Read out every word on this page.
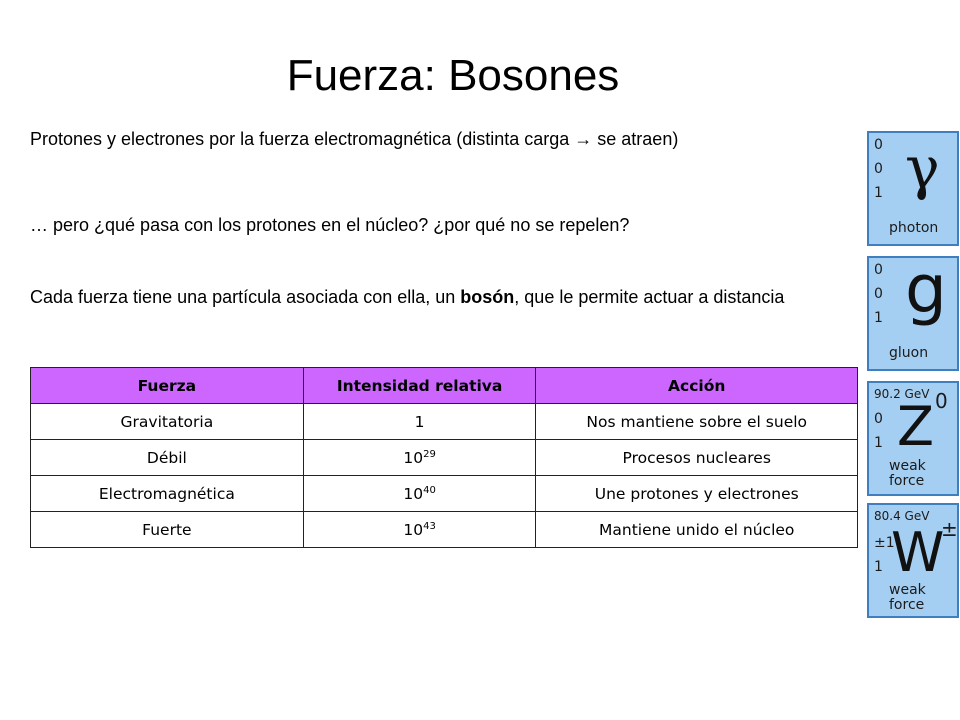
Fuerza: Bosones
Protones y electrones por la fuerza electromagnética (distinta carga → se atraen)
… pero ¿qué pasa con los protones en el núcleo? ¿por qué no se repelen?
Cada fuerza tiene una partícula asociada con ella, un bosón, que le permite actuar a distancia
Fuerza	Intensidad relativa	Acción
Gravitatoria	1	Nos mantiene sobre el suelo
Débil	$10^{29}$	Procesos nucleares
Electromagnética	$10^{40}$	Une protones y electrones
Fuerte	$10^{43}$	Mantiene unido el núcleo
0
0
1 γ
photon
0
0
1 g
gluon
90.2 GeV
0
1 Z 0
weak
force
80.4 GeV
±1
1 W
±
weak
force
